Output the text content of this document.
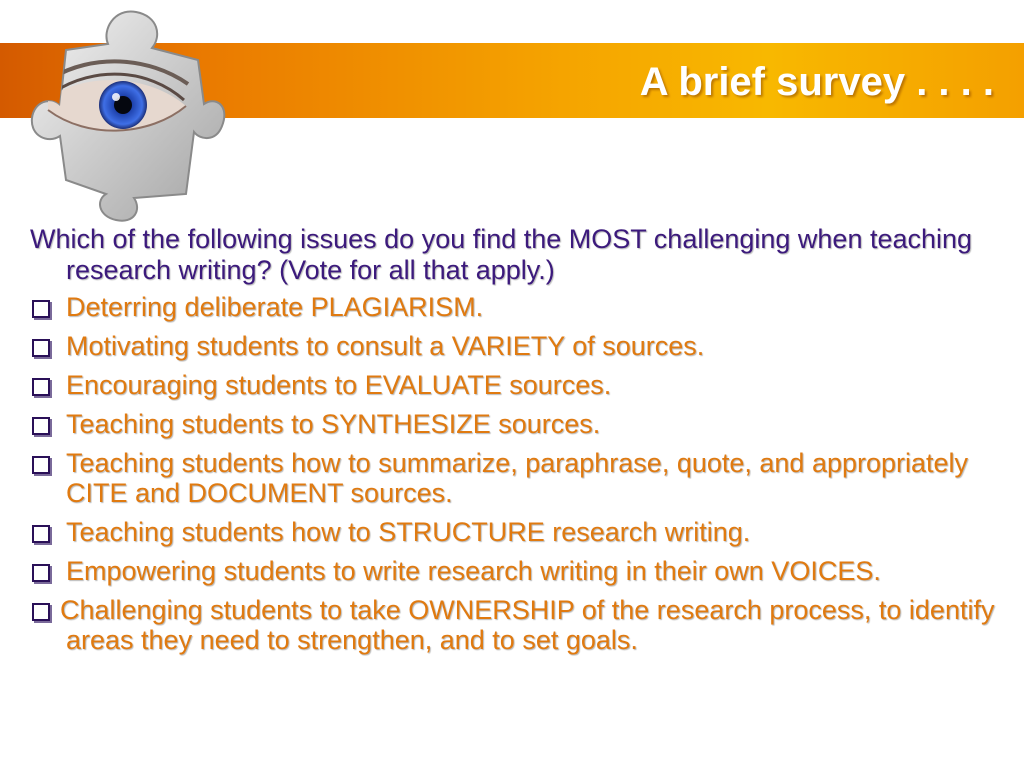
A brief survey . . . .

Which of the following issues do you find the MOST challenging when teaching research writing? (Vote for all that apply.)

Deterring deliberate PLAGIARISM.
Motivating students to consult a VARIETY of sources.
Encouraging students to EVALUATE sources.
Teaching students to SYNTHESIZE sources.
Teaching students how to summarize, paraphrase, quote, and appropriately CITE and DOCUMENT sources.
Teaching students how to STRUCTURE research writing.
Empowering students to write research writing in their own VOICES.
Challenging students to take OWNERSHIP of the research process, to identify areas they need to strengthen, and to set goals.
